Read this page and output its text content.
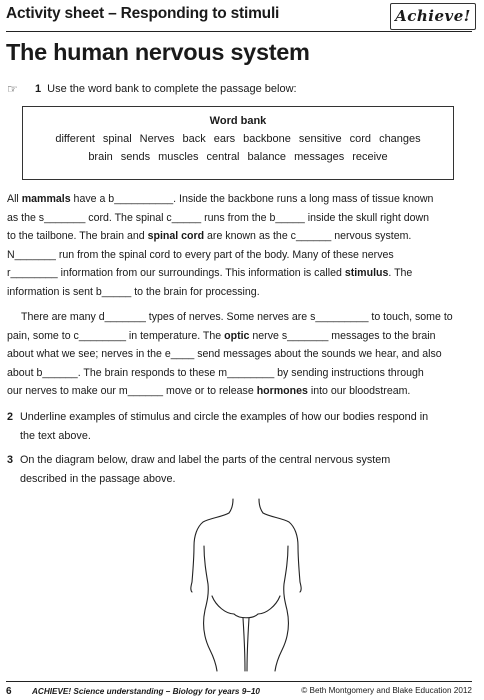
Activity sheet – Responding to stimuli	Achieve!
The human nervous system
☞ 1 Use the word bank to complete the passage below:
Word bank
different spinal Nerves back ears backbone sensitive cord changes
brain sends muscles central balance messages receive
All mammals have a b__________. Inside the backbone runs a long mass of tissue known
as the s_______ cord. The spinal c_____ runs from the b_____ inside the skull right down
to the tailbone. The brain and spinal cord are known as the c______ nervous system.
N_______ run from the spinal cord to every part of the body. Many of these nerves
r________ information from our surroundings. This information is called stimulus. The
information is sent b_____ to the brain for processing.
There are many d_______ types of nerves. Some nerves are s_________ to touch, some to
pain, some to c________ in temperature. The optic nerve s_______ messages to the brain
about what we see; nerves in the e____ send messages about the sounds we hear, and also
about b______. The brain responds to these m________ by sending instructions through
our nerves to make our m______ move or to release hormones into our bloodstream.
2 Underline examples of stimulus and circle the examples of how our bodies respond in
the text above.
3 On the diagram below, draw and label the parts of the central nervous system
described in the passage above.
6 ACHIEVE! Science understanding – Biology for years 9–10	© Beth Montgomery and Blake Education 2012
